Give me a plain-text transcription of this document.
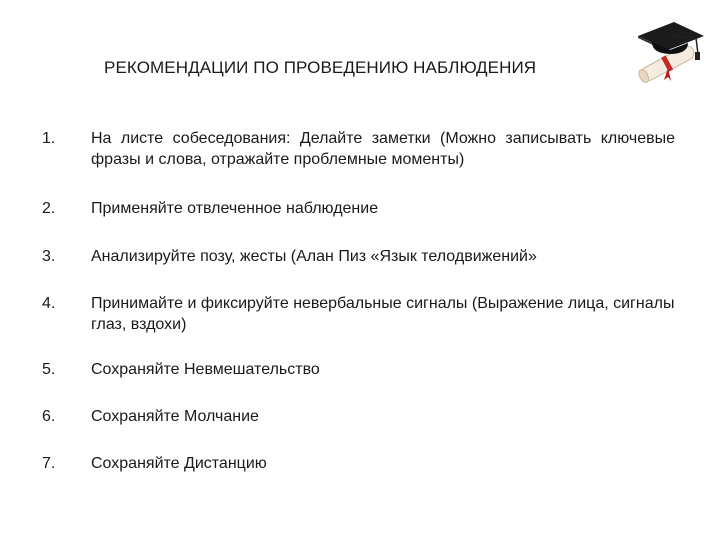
РЕКОМЕНДАЦИИ ПО ПРОВЕДЕНИЮ НАБЛЮДЕНИЯ
1. На листе собеседования: Делайте заметки (Можно записывать ключевые фразы и слова, отражайте проблемные моменты)
2. Применяйте отвлеченное наблюдение
3. Анализируйте позу, жесты (Алан Пиз «Язык телодвижений»
4. Принимайте и фиксируйте невербальные сигналы (Выражение лица, сигналы глаз, вздохи)
5. Сохраняйте Невмешательство
6. Сохраняйте Молчание
7. Сохраняйте Дистанцию
